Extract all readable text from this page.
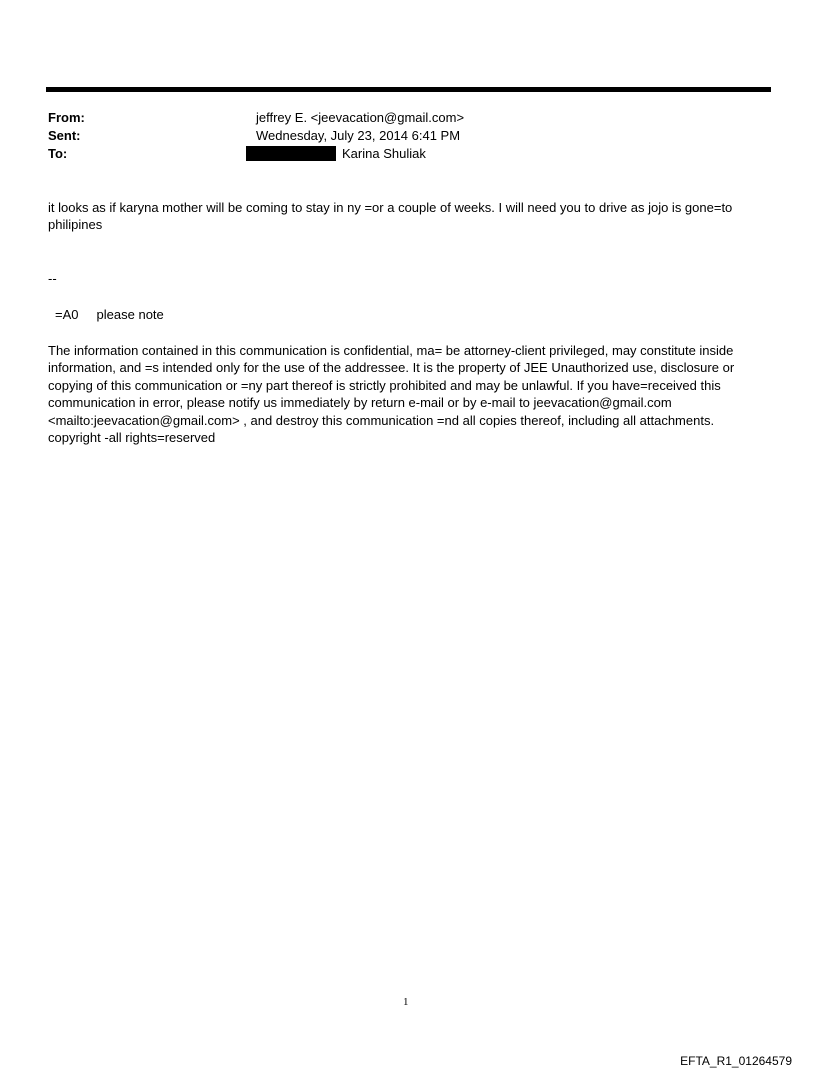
From:	jeffrey E. <jeevacation@gmail.com>
Sent:	Wednesday, July 23, 2014 6:41 PM
To:	Karina Shuliak
it looks as if karyna mother will be coming to stay in ny =or a couple of weeks. I will need you to drive as jojo is gone=to philipines
--
=A0     please note
The information contained in this communication is confidential, ma= be attorney-client privileged, may constitute inside information, and =s intended only for the use of the addressee. It is the property of JEE Unauthorized use, disclosure or copying of this communication or =ny part thereof is strictly prohibited and may be unlawful. If you have=received this communication in error, please notify us immediately by return e-mail or by e-mail to jeevacation@gmail.com <mailto:jeevacation@gmail.com> , and destroy this communication =nd all copies thereof, including all attachments. copyright -all rights=reserved
1
EFTA_R1_01264579
